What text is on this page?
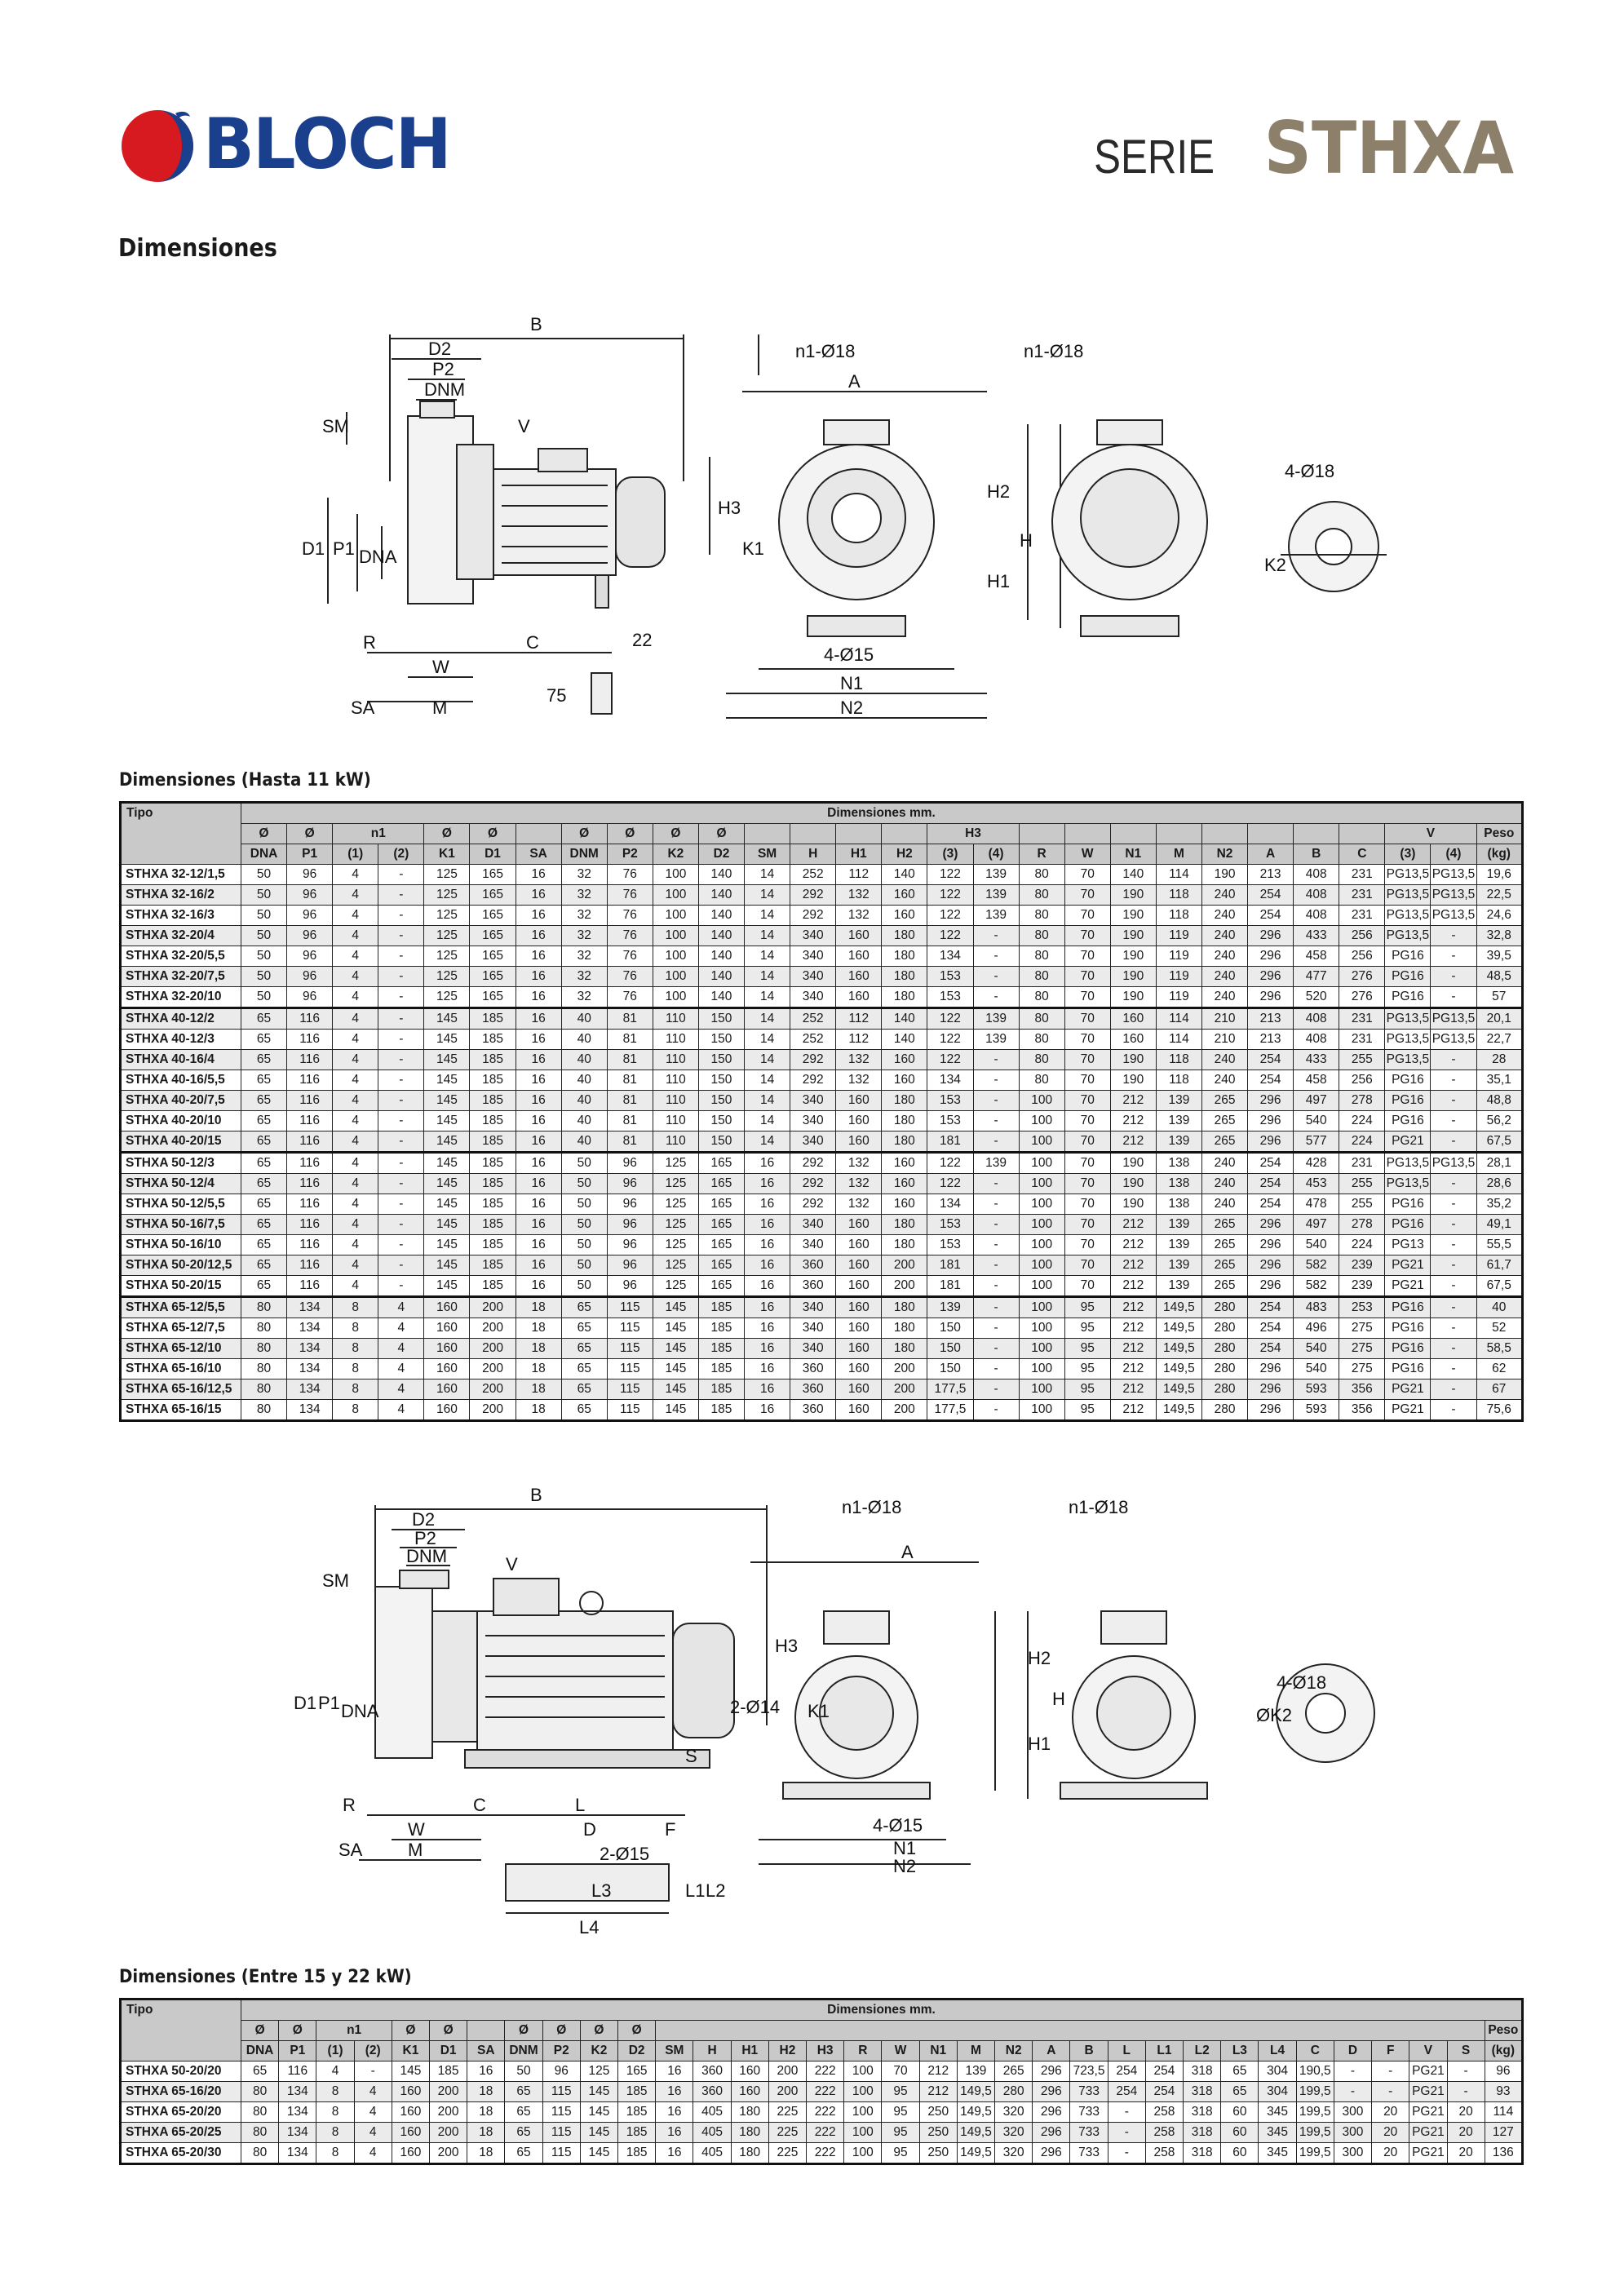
BLOCH	SERIE STHXA
Dimensiones
B
D2
P2
DNM
SM	V
H3
D1 P1 DNA
R	C	22
W
SA	M
75
n1-Ø18	n1-Ø18
A
K1
H2
H
H1
4-Ø15
N1
N2
4-Ø18
K2
Dimensiones (Hasta 11 kW)
Tipo	Dimensiones mm.																											
	Ø	Ø	n1		Ø	Ø		Ø	Ø	Ø	Ø					H3										V		Peso
	DNA	P1	(1)	(2)	K1	D1	SA	DNM	P2	K2	D2	SM	H	H1	H2	(3)	(4)	R	W	N1	M	N2	A	B	C	(3)	(4)	(kg)
STHXA 32-12/1,5	50	96	4	-	125	165	16	32	76	100	140	14	252	112	140	122	139	80	70	140	114	190	213	408	231	PG13,5	PG13,5	19,6
STHXA 32-16/2	50	96	4	-	125	165	16	32	76	100	140	14	292	132	160	122	139	80	70	190	118	240	254	408	231	PG13,5	PG13,5	22,5
STHXA 32-16/3	50	96	4	-	125	165	16	32	76	100	140	14	292	132	160	122	139	80	70	190	118	240	254	408	231	PG13,5	PG13,5	24,6
STHXA 32-20/4	50	96	4	-	125	165	16	32	76	100	140	14	340	160	180	122	-	80	70	190	119	240	296	433	256	PG13,5	-	32,8
STHXA 32-20/5,5	50	96	4	-	125	165	16	32	76	100	140	14	340	160	180	134	-	80	70	190	119	240	296	458	256	PG16	-	39,5
STHXA 32-20/7,5	50	96	4	-	125	165	16	32	76	100	140	14	340	160	180	153	-	80	70	190	119	240	296	477	276	PG16	-	48,5
STHXA 32-20/10	50	96	4	-	125	165	16	32	76	100	140	14	340	160	180	153	-	80	70	190	119	240	296	520	276	PG16	-	57
STHXA 40-12/2	65	116	4	-	145	185	16	40	81	110	150	14	252	112	140	122	139	80	70	160	114	210	213	408	231	PG13,5	PG13,5	20,1
STHXA 40-12/3	65	116	4	-	145	185	16	40	81	110	150	14	252	112	140	122	139	80	70	160	114	210	213	408	231	PG13,5	PG13,5	22,7
STHXA 40-16/4	65	116	4	-	145	185	16	40	81	110	150	14	292	132	160	122	-	80	70	190	118	240	254	433	255	PG13,5	-	28
STHXA 40-16/5,5	65	116	4	-	145	185	16	40	81	110	150	14	292	132	160	134	-	80	70	190	118	240	254	458	256	PG16	-	35,1
STHXA 40-20/7,5	65	116	4	-	145	185	16	40	81	110	150	14	340	160	180	153	-	100	70	212	139	265	296	497	278	PG16	-	48,8
STHXA 40-20/10	65	116	4	-	145	185	16	40	81	110	150	14	340	160	180	153	-	100	70	212	139	265	296	540	224	PG16	-	56,2
STHXA 40-20/15	65	116	4	-	145	185	16	40	81	110	150	14	340	160	180	181	-	100	70	212	139	265	296	577	224	PG21	-	67,5
STHXA 50-12/3	65	116	4	-	145	185	16	50	96	125	165	16	292	132	160	122	139	100	70	190	138	240	254	428	231	PG13,5	PG13,5	28,1
STHXA 50-12/4	65	116	4	-	145	185	16	50	96	125	165	16	292	132	160	122	-	100	70	190	138	240	254	453	255	PG13,5	-	28,6
STHXA 50-12/5,5	65	116	4	-	145	185	16	50	96	125	165	16	292	132	160	134	-	100	70	190	138	240	254	478	255	PG16	-	35,2
STHXA 50-16/7,5	65	116	4	-	145	185	16	50	96	125	165	16	340	160	180	153	-	100	70	212	139	265	296	497	278	PG16	-	49,1
STHXA 50-16/10	65	116	4	-	145	185	16	50	96	125	165	16	340	160	180	153	-	100	70	212	139	265	296	540	224	PG13	-	55,5
STHXA 50-20/12,5	65	116	4	-	145	185	16	50	96	125	165	16	360	160	200	181	-	100	70	212	139	265	296	582	239	PG21	-	61,7
STHXA 50-20/15	65	116	4	-	145	185	16	50	96	125	165	16	360	160	200	181	-	100	70	212	139	265	296	582	239	PG21	-	67,5
STHXA 65-12/5,5	80	134	8	4	160	200	18	65	115	145	185	16	340	160	180	139	-	100	95	212	149,5	280	254	483	253	PG16	-	40
STHXA 65-12/7,5	80	134	8	4	160	200	18	65	115	145	185	16	340	160	180	150	-	100	95	212	149,5	280	254	496	275	PG16	-	52
STHXA 65-12/10	80	134	8	4	160	200	18	65	115	145	185	16	340	160	180	150	-	100	95	212	149,5	280	254	540	275	PG16	-	58,5
STHXA 65-16/10	80	134	8	4	160	200	18	65	115	145	185	16	360	160	200	150	-	100	95	212	149,5	280	296	540	275	PG16	-	62
STHXA 65-16/12,5	80	134	8	4	160	200	18	65	115	145	185	16	360	160	200	177,5	-	100	95	212	149,5	280	296	593	356	PG21	-	67
STHXA 65-16/15	80	134	8	4	160	200	18	65	115	145	185	16	360	160	200	177,5	-	100	95	212	149,5	280	296	593	356	PG21	-	75,6
B
D2
P2
DNM
SM
V
H3
D1 P1 DNA	2-Ø14
S
R	C	L
W	D	F
SA	M	2-Ø15
L3	L1 L2
L4
n1-Ø18	n1-Ø18
A
K1
H2
H
H1
4-Ø15
N1
N2
4-Ø18
ØK2
Dimensiones (Entre 15 y 22 kW)
Tipo	Dimensiones mm.																																	
	Ø	Ø	n1		Ø	Ø		Ø	Ø	Ø	Ø																							Peso
	DNA	P1	(1)	(2)	K1	D1	SA	DNM	P2	K2	D2	SM	H	H1	H2	H3	R	W	N1	M	N2	A	B	L	L1	L2	L3	L4	C	D	F	V	S	(kg)
STHXA 50-20/20	65	116	4	-	145	185	16	50	96	125	165	16	360	160	200	222	100	70	212	139	265	296	723,5	254	254	318	65	304	190,5	-	-	PG21	-	96
STHXA 65-16/20	80	134	8	4	160	200	18	65	115	145	185	16	360	160	200	222	100	95	212	149,5	280	296	733	254	254	318	65	304	199,5	-	-	PG21	-	93
STHXA 65-20/20	80	134	8	4	160	200	18	65	115	145	185	16	405	180	225	222	100	95	250	149,5	320	296	733	-	258	318	60	345	199,5	300	20	PG21	20	114
STHXA 65-20/25	80	134	8	4	160	200	18	65	115	145	185	16	405	180	225	222	100	95	250	149,5	320	296	733	-	258	318	60	345	199,5	300	20	PG21	20	127
STHXA 65-20/30	80	134	8	4	160	200	18	65	115	145	185	16	405	180	225	222	100	95	250	149,5	320	296	733	-	258	318	60	345	199,5	300	20	PG21	20	136
